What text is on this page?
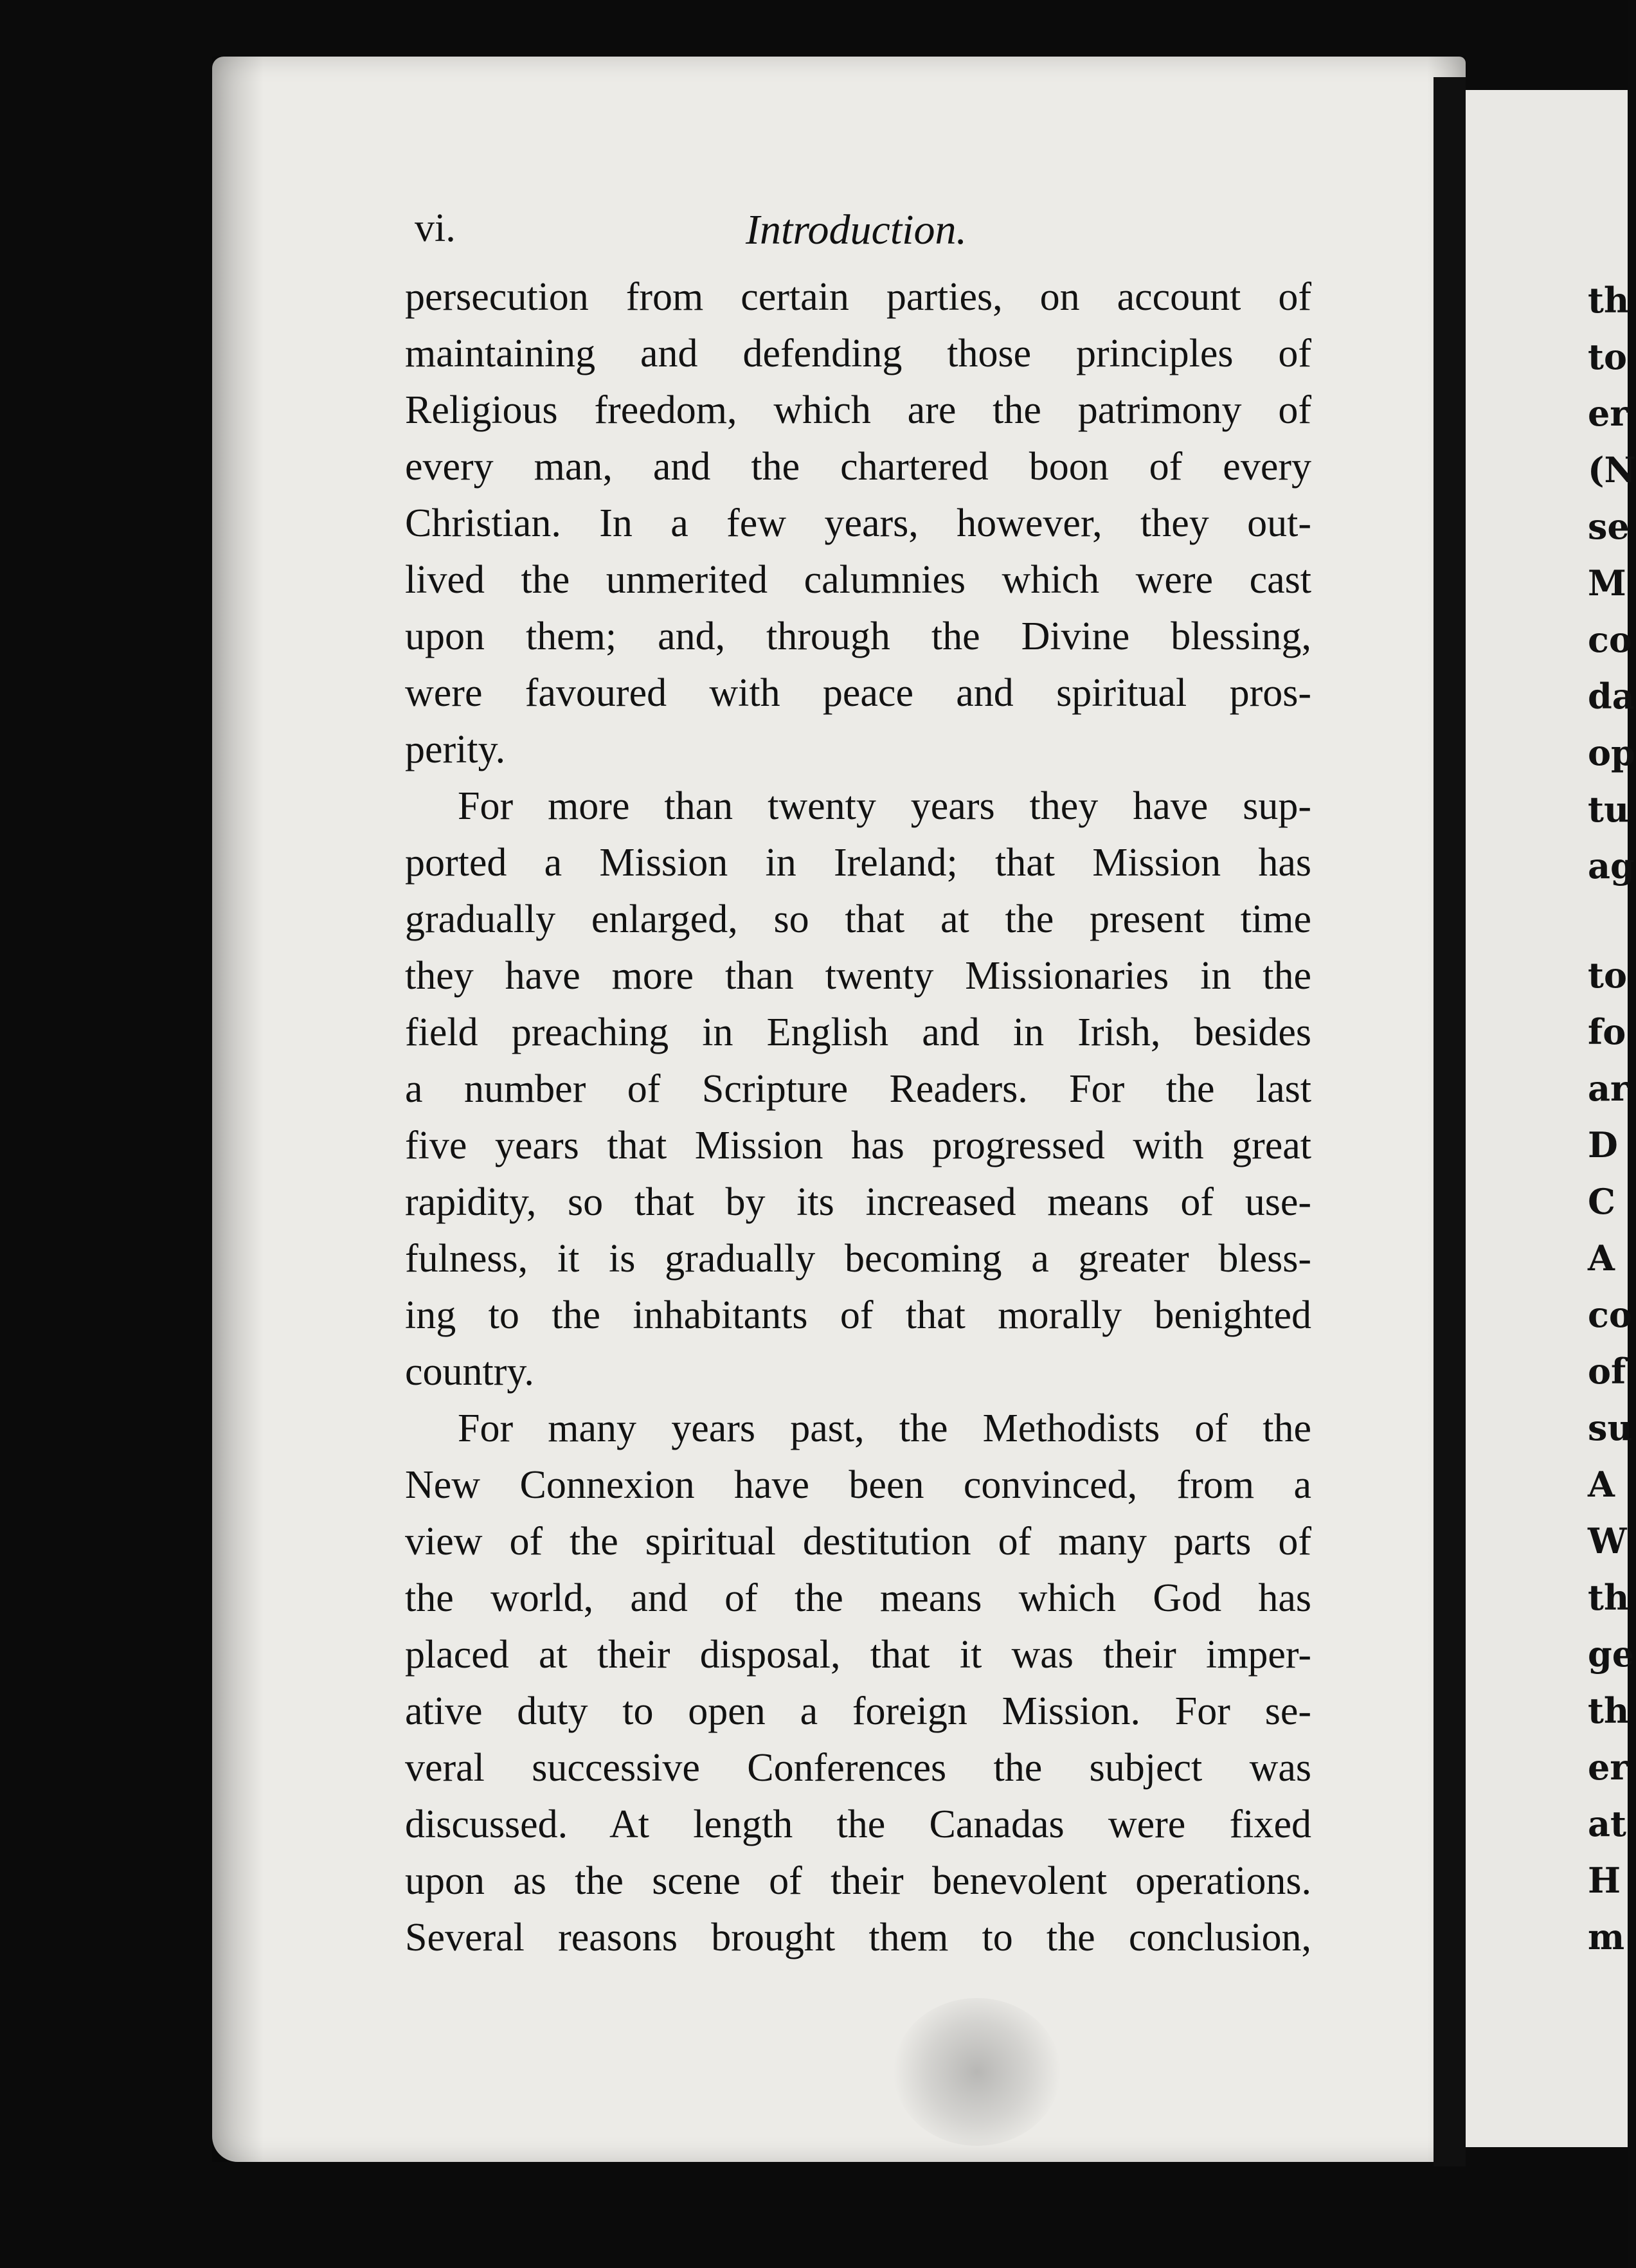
th
to
er
(N
se
M
co
da
op
tu
ag
to
fo
ar
D
C
A
co
of
su
A
W
th
ge
th
er
at
H
m
vi.	Introduction.
persecution from certain parties, on account of
maintaining and defending those principles of
Religious freedom, which are the patrimony of
every man, and the chartered boon of every
Christian. In a few years, however, they out-
lived the unmerited calumnies which were cast
upon them; and, through the Divine blessing,
were favoured with peace and spiritual pros-
perity.
For more than twenty years they have sup-
ported a Mission in Ireland; that Mission has
gradually enlarged, so that at the present time
they have more than twenty Missionaries in the
field preaching in English and in Irish, besides
a number of Scripture Readers. For the last
five years that Mission has progressed with great
rapidity, so that by its increased means of use-
fulness, it is gradually becoming a greater bless-
ing to the inhabitants of that morally benighted
country.
For many years past, the Methodists of the
New Connexion have been convinced, from a
view of the spiritual destitution of many parts of
the world, and of the means which God has
placed at their disposal, that it was their imper-
ative duty to open a foreign Mission. For se-
veral successive Conferences the subject was
discussed. At length the Canadas were fixed
upon as the scene of their benevolent operations.
Several reasons brought them to the conclusion,
